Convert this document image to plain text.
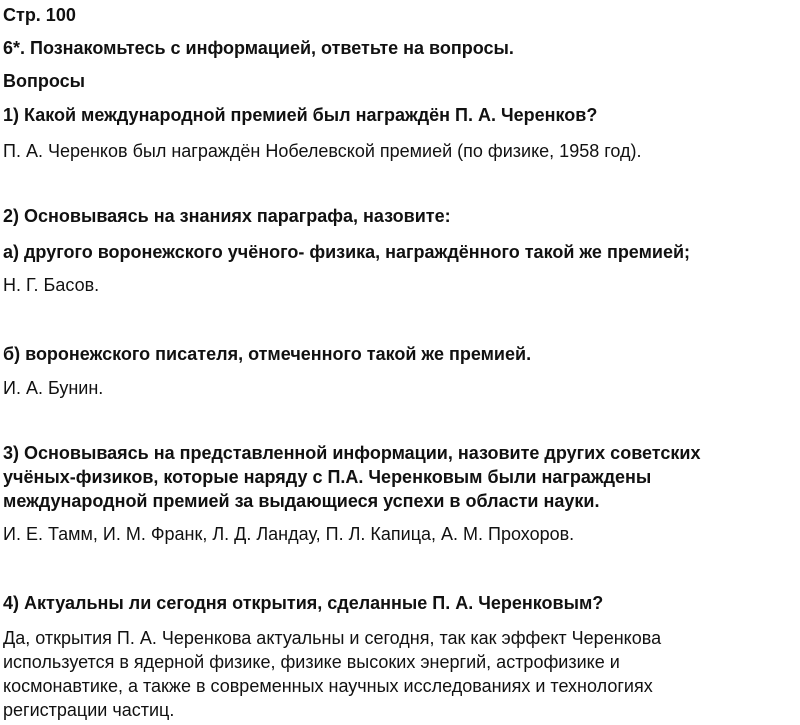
Стр. 100

6*. Познакомьтесь с информацией, ответьте на вопросы.

Вопросы

1) Какой международной премией был награждён П. А. Черенков?

П. А. Черенков был награждён Нобелевской премией (по физике, 1958 год).

2) Основываясь на знаниях параграфа, назовите:

а) другого воронежского учёного- физика, награждённого такой же премией;

Н. Г. Басов.

б) воронежского писателя, отмеченного такой же премией.

И. А. Бунин.

3) Основываясь на представленной информации, назовите других советских
учёных-физиков, которые наряду с П.А. Черенковым были награждены
международной премией за выдающиеся успехи в области науки.

И. Е. Тамм, И. М. Франк, Л. Д. Ландау, П. Л. Капица, А. М. Прохоров.

4) Актуальны ли сегодня открытия, сделанные П. А. Черенковым?

Да, открытия П. А. Черенкова актуальны и сегодня, так как эффект Черенкова
используется в ядерной физике, физике высоких энергий, астрофизике и
космонавтике, а также в современных научных исследованиях и технологиях
регистрации частиц.
